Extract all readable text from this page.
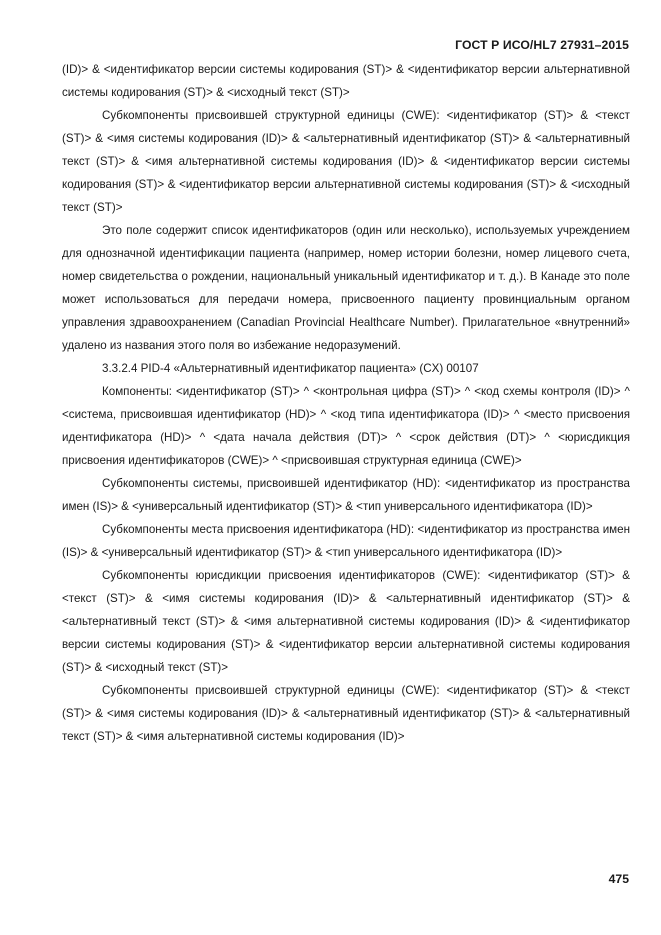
ГОСТ Р ИСО/HL7 27931–2015

(ID)> & <идентификатор версии системы кодирования (ST)> & <идентификатор версии альтернативной системы кодирования (ST)> & <исходный текст (ST)>

Субкомпоненты присвоившей структурной единицы (CWE): <идентификатор (ST)> & <текст (ST)> & <имя системы кодирования (ID)> & <альтернативный идентификатор (ST)> & <альтернативный текст (ST)> & <имя альтернативной системы кодирования (ID)> & <идентификатор версии системы кодирования (ST)> & <идентификатор версии альтернативной системы кодирования (ST)> & <исходный текст (ST)>

Это поле содержит список идентификаторов (один или несколько), используемых учреждением для однозначной идентификации пациента (например, номер истории болезни, номер лицевого счета, номер свидетельства о рождении, национальный уникальный идентификатор и т. д.). В Канаде это поле может использоваться для передачи номера, присвоенного пациенту провинциальным органом управления здравоохранением (Canadian Provincial Healthcare Number). Прилагательное «внутренний» удалено из названия этого поля во избежание недоразумений.

3.3.2.4 PID-4 «Альтернативный идентификатор пациента» (CX) 00107

Компоненты: <идентификатор (ST)> ^ <контрольная цифра (ST)> ^ <код схемы контроля (ID)> ^ <система, присвоившая идентификатор (HD)> ^ <код типа идентификатора (ID)> ^ <место присвоения идентификатора (HD)> ^ <дата начала действия (DT)> ^ <срок действия (DT)> ^ <юрисдикция присвоения идентификаторов (CWE)> ^ <присвоившая структурная единица (CWE)>

Субкомпоненты системы, присвоившей идентификатор (HD): <идентификатор из пространства имен (IS)> & <универсальный идентификатор (ST)> & <тип универсального идентификатора (ID)>

Субкомпоненты места присвоения идентификатора (HD): <идентификатор из пространства имен (IS)> & <универсальный идентификатор (ST)> & <тип универсального идентификатора (ID)>

Субкомпоненты юрисдикции присвоения идентификаторов (CWE): <идентификатор (ST)> & <текст (ST)> & <имя системы кодирования (ID)> & <альтернативный идентификатор (ST)> & <альтернативный текст (ST)> & <имя альтернативной системы кодирования (ID)> & <идентификатор версии системы кодирования (ST)> & <идентификатор версии альтернативной системы кодирования (ST)> & <исходный текст (ST)>

Субкомпоненты присвоившей структурной единицы (CWE): <идентификатор (ST)> & <текст (ST)> & <имя системы кодирования (ID)> & <альтернативный идентификатор (ST)> & <альтернативный текст (ST)> & <имя альтернативной системы кодирования (ID)>

475
